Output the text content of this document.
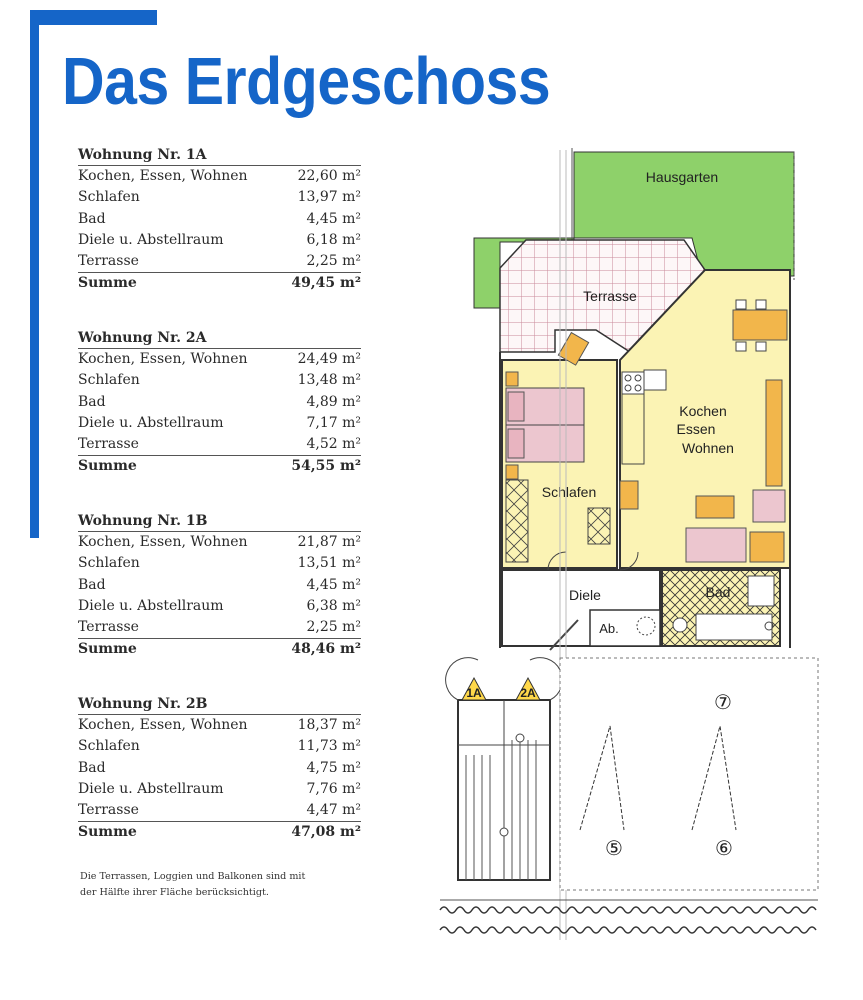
Das Erdgeschoss
Wohnung Nr. 1A
Kochen, Essen, Wohnen	22,60 m²
Schlafen	13,97 m²
Bad	4,45 m²
Diele u. Abstellraum	6,18 m²
Terrasse	2,25 m²
Summe	49,45 m²
Wohnung Nr. 2A
Kochen, Essen, Wohnen	24,49 m²
Schlafen	13,48 m²
Bad	4,89 m²
Diele u. Abstellraum	7,17 m²
Terrasse	4,52 m²
Summe	54,55 m²
Wohnung Nr. 1B
Kochen, Essen, Wohnen	21,87 m²
Schlafen	13,51 m²
Bad	4,45 m²
Diele u. Abstellraum	6,38 m²
Terrasse	2,25 m²
Summe	48,46 m²
Wohnung Nr. 2B
Kochen, Essen, Wohnen	18,37 m²
Schlafen	11,73 m²
Bad	4,75 m²
Diele u. Abstellraum	7,76 m²
Terrasse	4,47 m²
Summe	47,08 m²
Die Terrassen, Loggien und Balkonen sind mit der Hälfte ihrer Fläche berücksichtigt.
Hausgarten
Terrasse
Schlafen
Kochen
Essen
Wohnen
Diele
Ab.
Bad
1A	2A	⑦
⑤	⑥
